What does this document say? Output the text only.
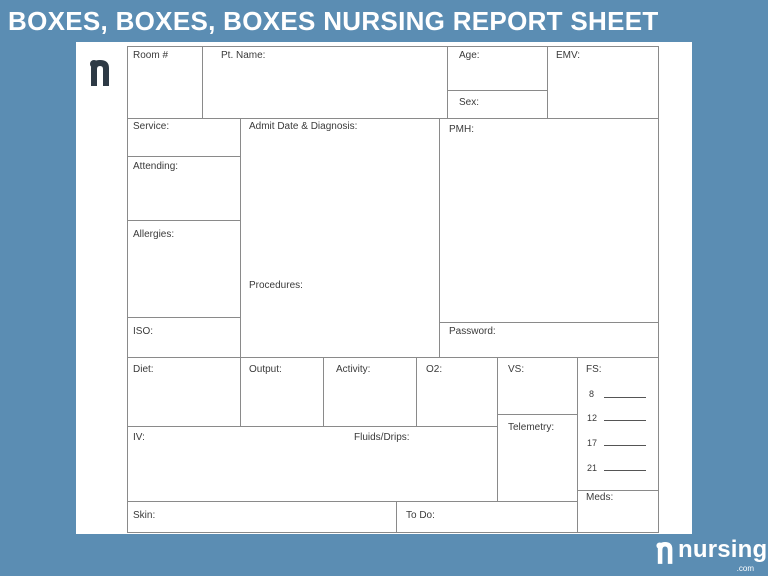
BOXES, BOXES, BOXES NURSING REPORT SHEET
Room #	Pt. Name:	Age:
Sex:
EMV:
Service:
Attending:
Allergies:
ISO:
Admit Date & Diagnosis:
Procedures:
PMH:
Password:
Diet:	Output:	Activity:	O2:	VS:
Telemetry:
FS:
8
12
17
21
Meds:
IV:	Fluids/Drips:
Skin:	To Do:
nursing
.com
